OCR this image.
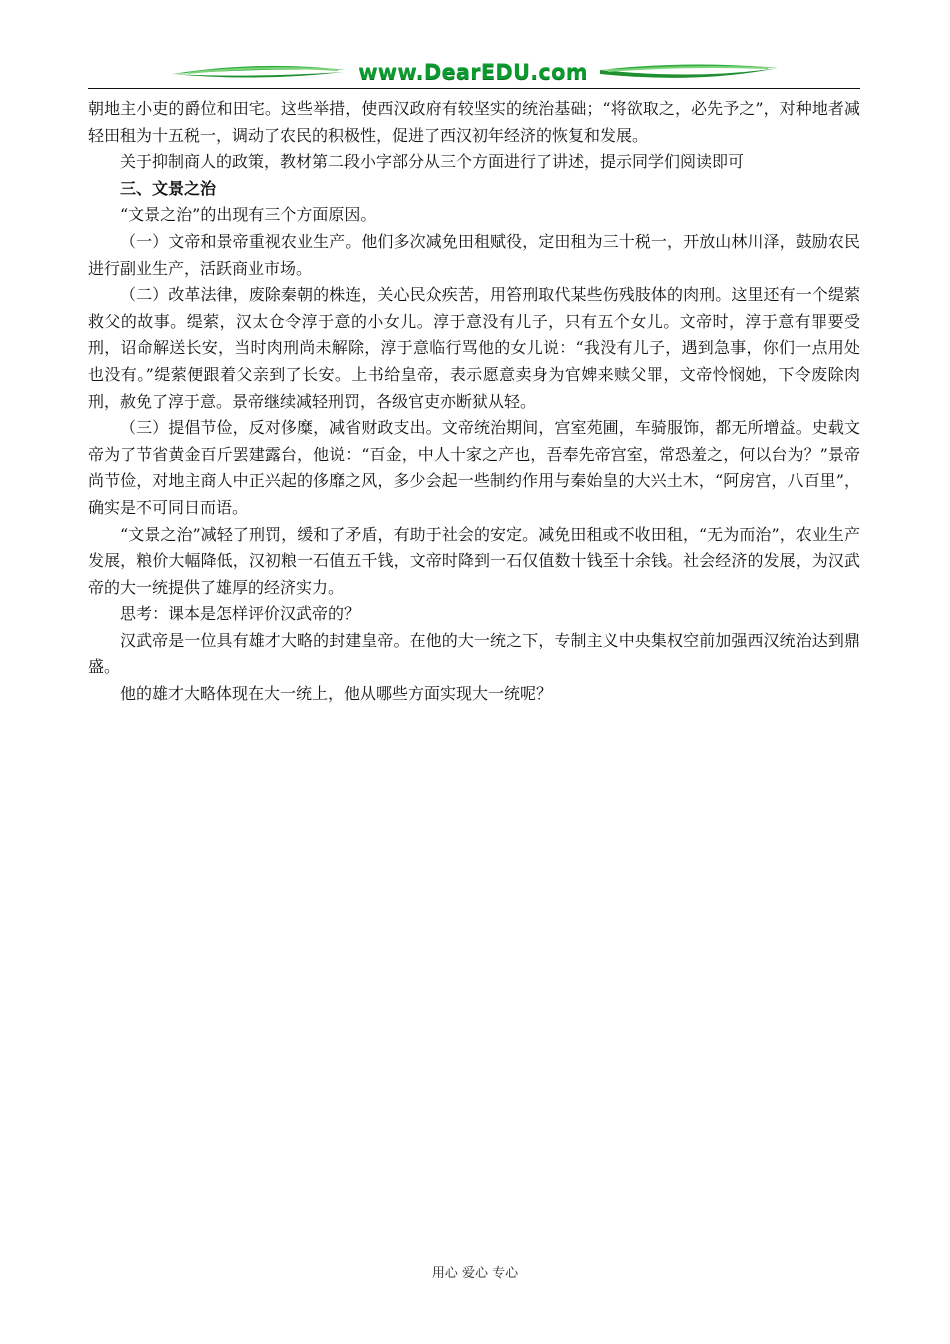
www.DearEDU.com

朝地主小吏的爵位和田宅。这些举措，使西汉政府有较坚实的统治基础；“将欲取之，必先予之”，对种地者减轻田租为十五税一，调动了农民的积极性，促进了西汉初年经济的恢复和发展。

关于抑制商人的政策，教材第二段小字部分从三个方面进行了讲述，提示同学们阅读即可

三、文景之治

“文景之治”的出现有三个方面原因。

（一）文帝和景帝重视农业生产。他们多次减免田租赋役，定田租为三十税一，开放山林川泽，鼓励农民进行副业生产，活跃商业市场。

（二）改革法律，废除秦朝的株连，关心民众疾苦，用笞刑取代某些伤残肢体的肉刑。这里还有一个缇萦救父的故事。缇萦，汉太仓令淳于意的小女儿。淳于意没有儿子，只有五个女儿。文帝时，淳于意有罪要受刑，诏命解送长安，当时肉刑尚未解除，淳于意临行骂他的女儿说：“我没有儿子，遇到急事，你们一点用处也没有。”缇萦便跟着父亲到了长安。上书给皇帝，表示愿意卖身为官婢来赎父罪，文帝怜悯她，下令废除肉刑，赦免了淳于意。景帝继续减轻刑罚，各级官吏亦断狱从轻。

（三）提倡节俭，反对侈糜，减省财政支出。文帝统治期间，宫室苑圃，车骑服饰，都无所增益。史载文帝为了节省黄金百斤罢建露台，他说：“百金，中人十家之产也，吾奉先帝宫室，常恐羞之，何以台为？”景帝尚节俭，对地主商人中正兴起的侈靡之风，多少会起一些制约作用与秦始皇的大兴土木，“阿房宫，八百里”，确实是不可同日而语。

“文景之治”减轻了刑罚，缓和了矛盾，有助于社会的安定。减免田租或不收田租，“无为而治”，农业生产发展，粮价大幅降低，汉初粮一石值五千钱，文帝时降到一石仅值数十钱至十余钱。社会经济的发展，为汉武帝的大一统提供了雄厚的经济实力。

思考：课本是怎样评价汉武帝的？

汉武帝是一位具有雄才大略的封建皇帝。在他的大一统之下，专制主义中央集权空前加强西汉统治达到鼎盛。

他的雄才大略体现在大一统上，他从哪些方面实现大一统呢？

用心 爱心 专心
